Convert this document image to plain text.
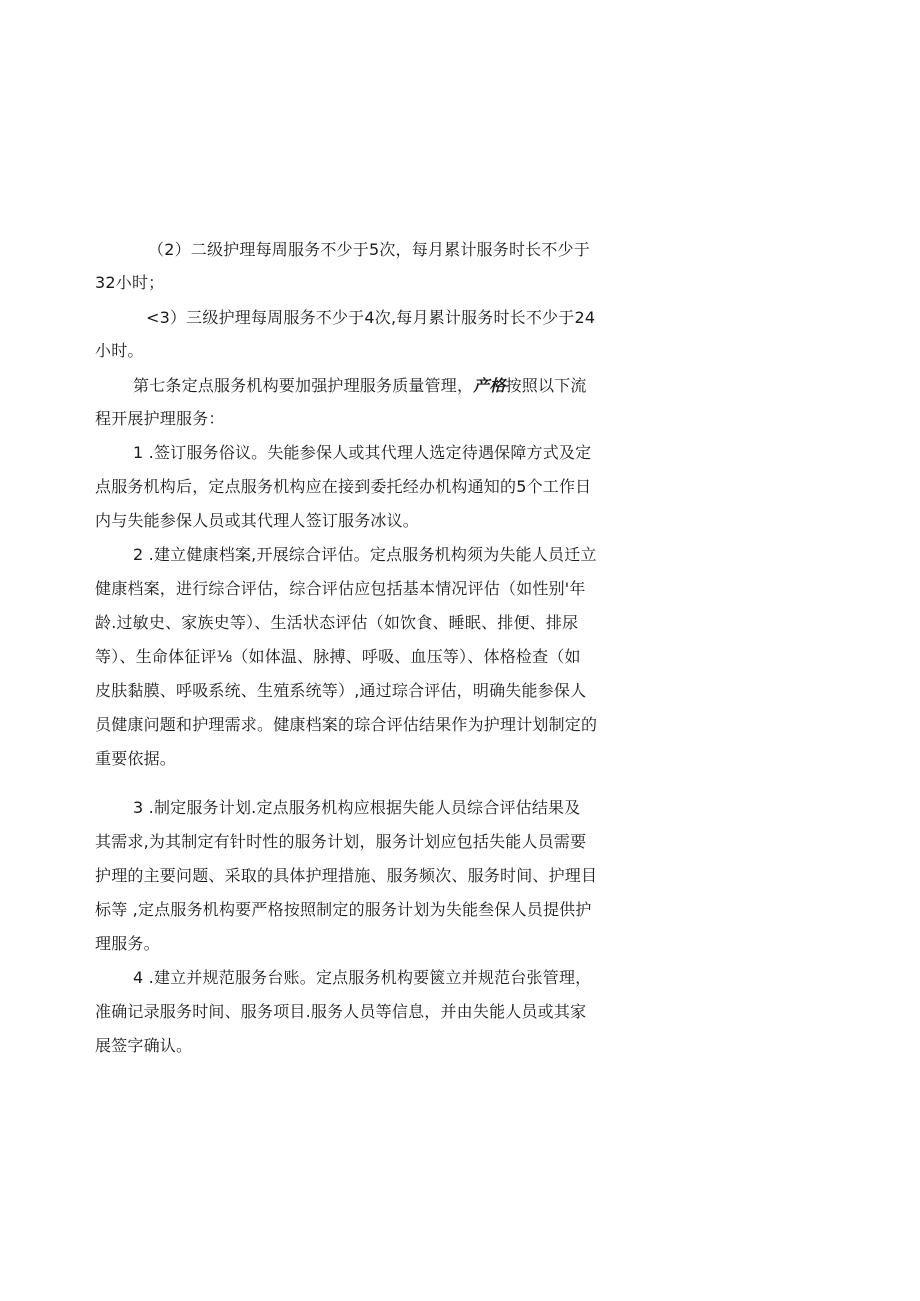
（2）二级护理每周服务不少于5次，每月累计服务时长不少于
32小时；
<3）三级护理每周服务不少于4次,每月累计服务时长不少于24
小时。
第七条定点服务机构要加强护理服务质量管理，产格按照以下流
程开展护理服务：
1 .签订服务俗议。失能参保人或其代理人选定待遇保障方式及定
点服务机构后，定点服务机构应在接到委托经办机构通知的5个工作日
内与失能参保人员或其代理人签订服务冰议。
2 .建立健康档案,开展综合评估。定点服务机构须为失能人员迁立
健康档案，进行综合评估，综合评估应包括基本情况评估（如性别'年
龄.过敏史、家族史等）、生活状态评估（如饮食、睡眠、排便、排尿
等）、生命体征评⅛（如体温、脉搏、呼吸、血压等）、体格检查（如
皮肤黏膜、呼吸系统、生殖系统等）,通过琮合评估，明确失能参保人
员健康问题和护理需求。健康档案的琮合评估结果作为护理计划制定的
重要依据。
3 .制定服务计划.定点服务机构应根据失能人员综合评估结果及
其需求,为其制定有针时性的服务计划，服务计划应包括失能人员需要
护理的主要问题、采取的具体护理措施、服务频次、服务时间、护理目
标等 ,定点服务机构要严格按照制定的服务计划为失能叁保人员提供护
理服务。
4 .建立并规范服务台账。定点服务机构要篋立并规范台张管理，
准确记录服务时间、服务项目.服务人员等信息，并由失能人员或其家
展签字确认。
